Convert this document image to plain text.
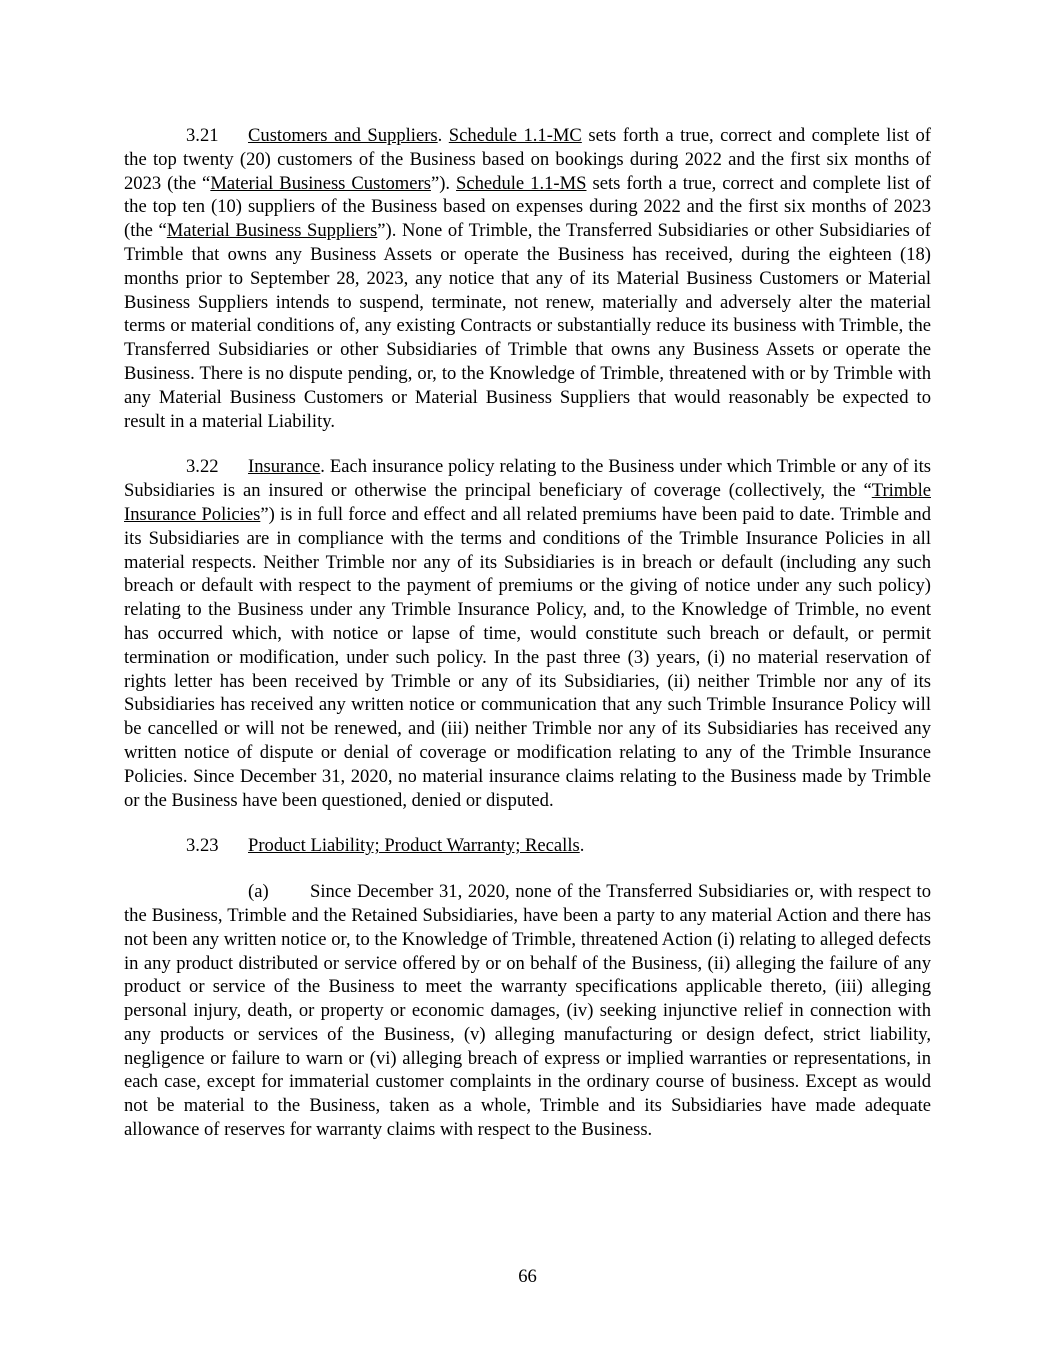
3.21 Customers and Suppliers. Schedule 1.1-MC sets forth a true, correct and complete list of the top twenty (20) customers of the Business based on bookings during 2022 and the first six months of 2023 (the “Material Business Customers”). Schedule 1.1-MS sets forth a true, correct and complete list of the top ten (10) suppliers of the Business based on expenses during 2022 and the first six months of 2023 (the “Material Business Suppliers”). None of Trimble, the Transferred Subsidiaries or other Subsidiaries of Trimble that owns any Business Assets or operate the Business has received, during the eighteen (18) months prior to September 28, 2023, any notice that any of its Material Business Customers or Material Business Suppliers intends to suspend, terminate, not renew, materially and adversely alter the material terms or material conditions of, any existing Contracts or substantially reduce its business with Trimble, the Transferred Subsidiaries or other Subsidiaries of Trimble that owns any Business Assets or operate the Business. There is no dispute pending, or, to the Knowledge of Trimble, threatened with or by Trimble with any Material Business Customers or Material Business Suppliers that would reasonably be expected to result in a material Liability.

3.22 Insurance. Each insurance policy relating to the Business under which Trimble or any of its Subsidiaries is an insured or otherwise the principal beneficiary of coverage (collectively, the “Trimble Insurance Policies”) is in full force and effect and all related premiums have been paid to date. Trimble and its Subsidiaries are in compliance with the terms and conditions of the Trimble Insurance Policies in all material respects. Neither Trimble nor any of its Subsidiaries is in breach or default (including any such breach or default with respect to the payment of premiums or the giving of notice under any such policy) relating to the Business under any Trimble Insurance Policy, and, to the Knowledge of Trimble, no event has occurred which, with notice or lapse of time, would constitute such breach or default, or permit termination or modification, under such policy. In the past three (3) years, (i) no material reservation of rights letter has been received by Trimble or any of its Subsidiaries, (ii) neither Trimble nor any of its Subsidiaries has received any written notice or communication that any such Trimble Insurance Policy will be cancelled or will not be renewed, and (iii) neither Trimble nor any of its Subsidiaries has received any written notice of dispute or denial of coverage or modification relating to any of the Trimble Insurance Policies. Since December 31, 2020, no material insurance claims relating to the Business made by Trimble or the Business have been questioned, denied or disputed.

3.23 Product Liability; Product Warranty; Recalls.

(a) Since December 31, 2020, none of the Transferred Subsidiaries or, with respect to the Business, Trimble and the Retained Subsidiaries, have been a party to any material Action and there has not been any written notice or, to the Knowledge of Trimble, threatened Action (i) relating to alleged defects in any product distributed or service offered by or on behalf of the Business, (ii) alleging the failure of any product or service of the Business to meet the warranty specifications applicable thereto, (iii) alleging personal injury, death, or property or economic damages, (iv) seeking injunctive relief in connection with any products or services of the Business, (v) alleging manufacturing or design defect, strict liability, negligence or failure to warn or (vi) alleging breach of express or implied warranties or representations, in each case, except for immaterial customer complaints in the ordinary course of business. Except as would not be material to the Business, taken as a whole, Trimble and its Subsidiaries have made adequate allowance of reserves for warranty claims with respect to the Business.

66
